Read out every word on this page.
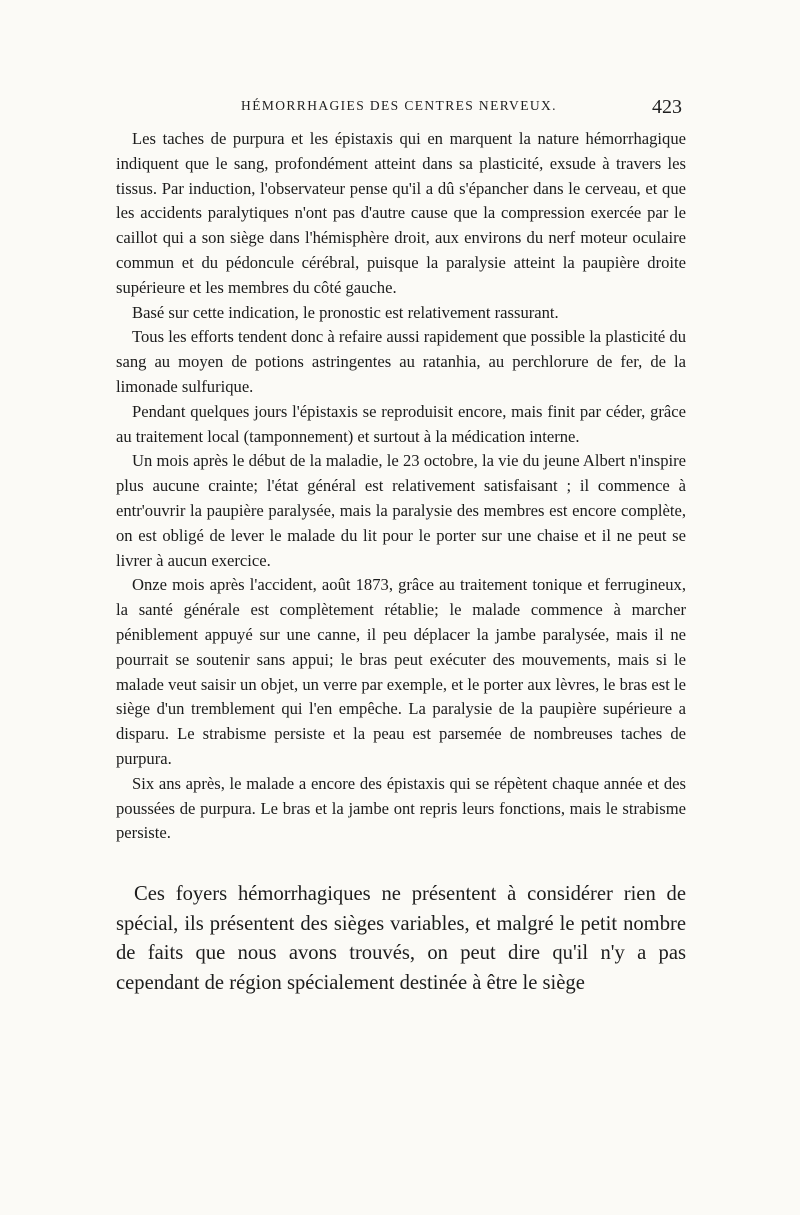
HÉMORRHAGIES DES CENTRES NERVEUX.	423

Les taches de purpura et les épistaxis qui en marquent la nature hémorrhagique indiquent que le sang, profondément atteint dans sa plasticité, exsude à travers les tissus. Par induction, l'observateur pense qu'il a dû s'épancher dans le cerveau, et que les accidents paralytiques n'ont pas d'autre cause que la compression exercée par le caillot qui a son siège dans l'hémisphère droit, aux environs du nerf moteur oculaire commun et du pédoncule cérébral, puisque la paralysie atteint la paupière droite supérieure et les membres du côté gauche.

Basé sur cette indication, le pronostic est relativement rassurant.

Tous les efforts tendent donc à refaire aussi rapidement que possible la plasticité du sang au moyen de potions astringentes au ratanhia, au perchlorure de fer, de la limonade sulfurique.

Pendant quelques jours l'épistaxis se reproduisit encore, mais finit par céder, grâce au traitement local (tamponnement) et surtout à la médication interne.

Un mois après le début de la maladie, le 23 octobre, la vie du jeune Albert n'inspire plus aucune crainte; l'état général est relativement satisfaisant ; il commence à entr'ouvrir la paupière paralysée, mais la paralysie des membres est encore complète, on est obligé de lever le malade du lit pour le porter sur une chaise et il ne peut se livrer à aucun exercice.

Onze mois après l'accident, août 1873, grâce au traitement tonique et ferrugineux, la santé générale est complètement rétablie; le malade commence à marcher péniblement appuyé sur une canne, il peu déplacer la jambe paralysée, mais il ne pourrait se soutenir sans appui; le bras peut exécuter des mouvements, mais si le malade veut saisir un objet, un verre par exemple, et le porter aux lèvres, le bras est le siège d'un tremblement qui l'en empêche. La paralysie de la paupière supérieure a disparu. Le strabisme persiste et la peau est parsemée de nombreuses taches de purpura.

Six ans après, le malade a encore des épistaxis qui se répètent chaque année et des poussées de purpura. Le bras et la jambe ont repris leurs fonctions, mais le strabisme persiste.

Ces foyers hémorrhagiques ne présentent à considérer rien de spécial, ils présentent des sièges variables, et malgré le petit nombre de faits que nous avons trouvés, on peut dire qu'il n'y a pas cependant de région spécialement destinée à être le siège
